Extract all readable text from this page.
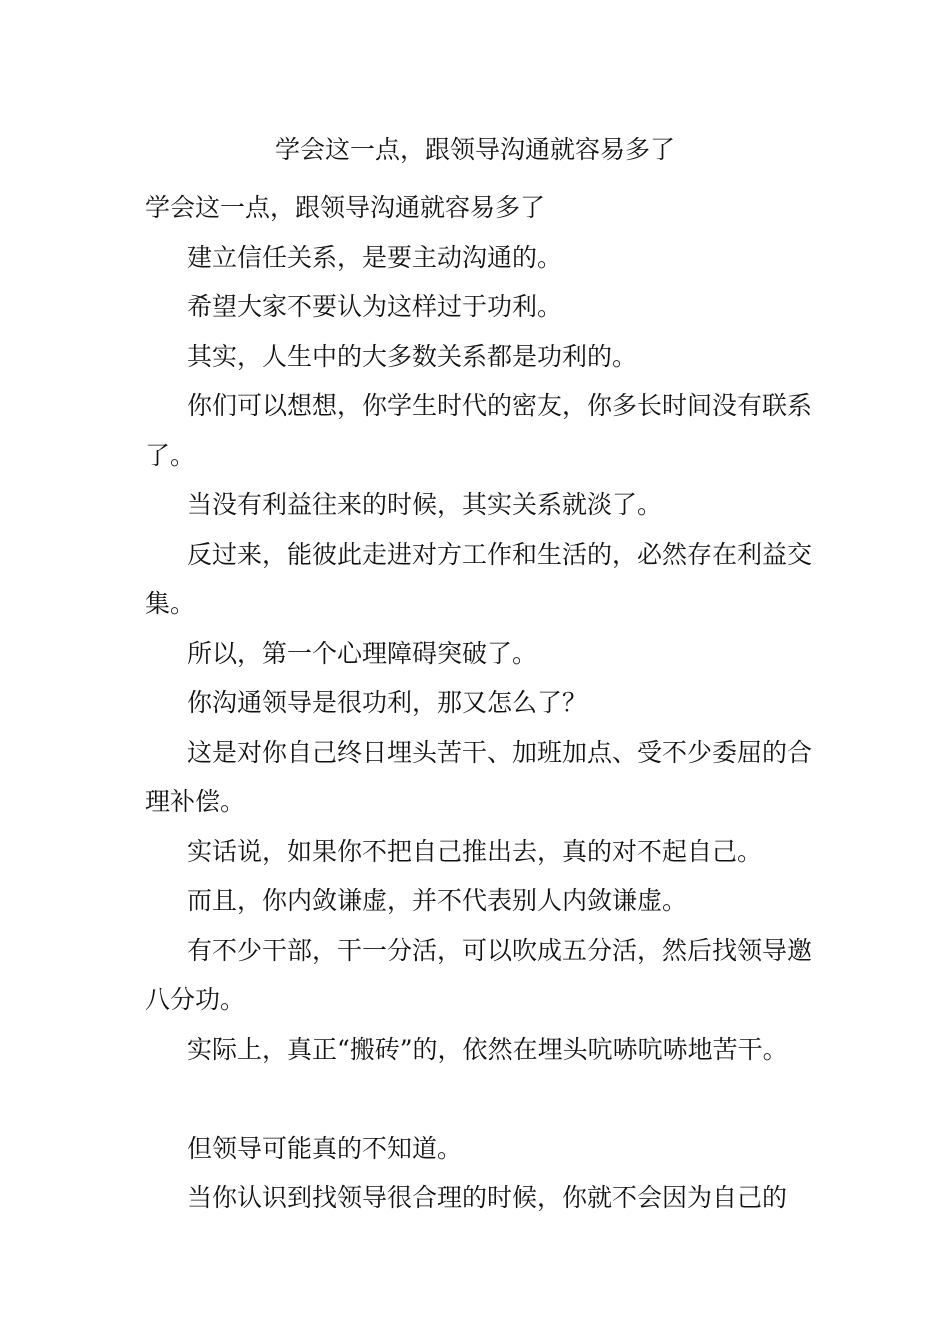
学会这一点，跟领导沟通就容易多了

学会这一点，跟领导沟通就容易多了

建立信任关系，是要主动沟通的。

希望大家不要认为这样过于功利。

其实，人生中的大多数关系都是功利的。

你们可以想想，你学生时代的密友，你多长时间没有联系了。

当没有利益往来的时候，其实关系就淡了。

反过来，能彼此走进对方工作和生活的，必然存在利益交集。

所以，第一个心理障碍突破了。

你沟通领导是很功利，那又怎么了？

这是对你自己终日埋头苦干、加班加点、受不少委屈的合理补偿。

实话说，如果你不把自己推出去，真的对不起自己。

而且，你内敛谦虚，并不代表别人内敛谦虚。

有不少干部，干一分活，可以吹成五分活，然后找领导邀八分功。

实际上，真正“搬砖”的，依然在埋头吭哧吭哧地苦干。

但领导可能真的不知道。

当你认识到找领导很合理的时候，你就不会因为自己的
